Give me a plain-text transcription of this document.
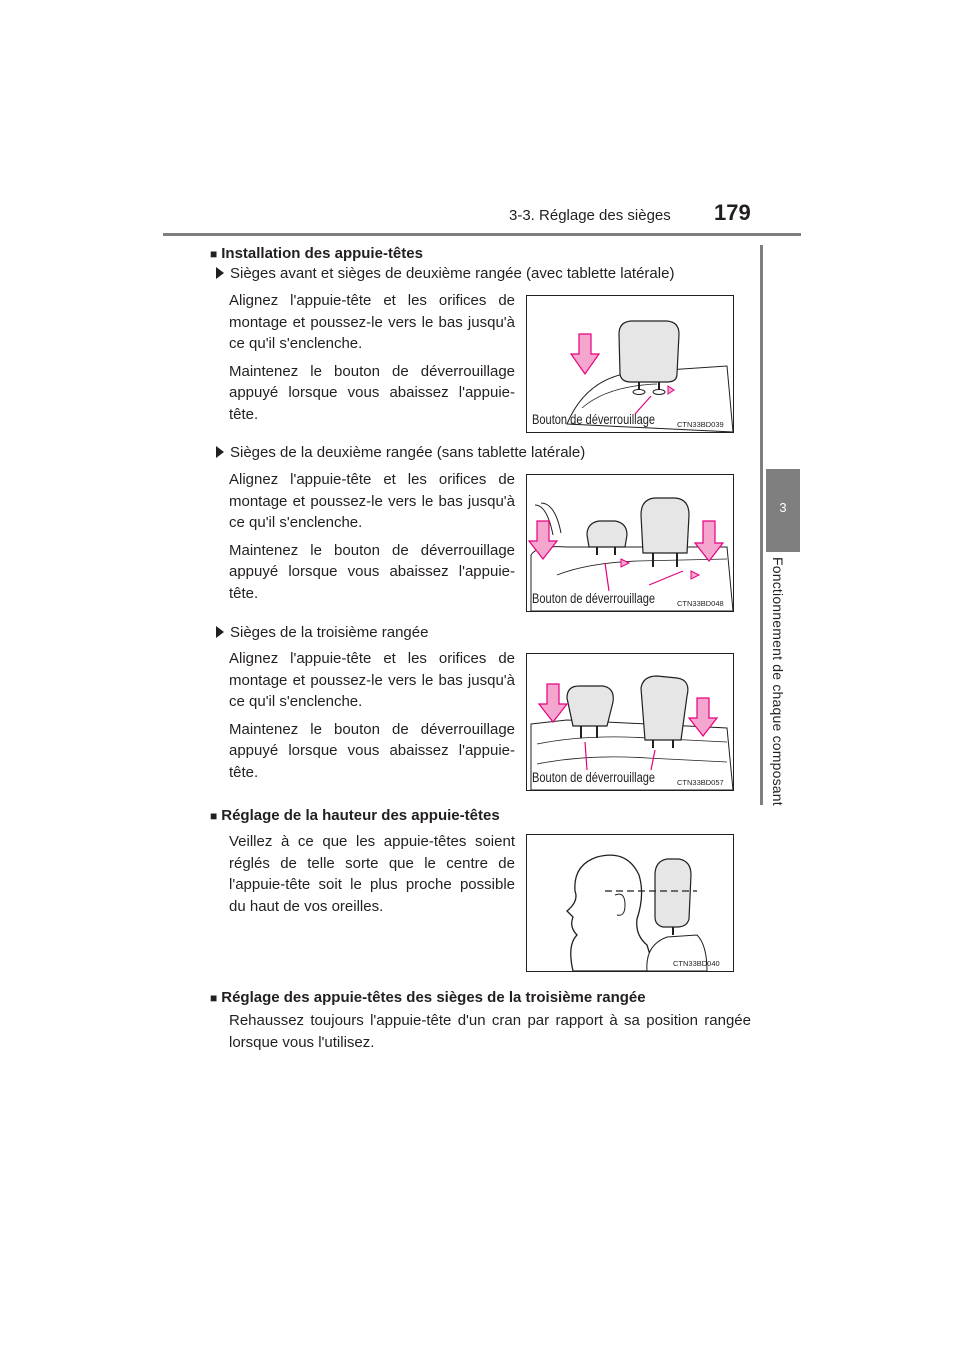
3-3. Réglage des sièges 179
3
Fonctionnement de chaque composant
■ Installation des appuie-têtes
Sièges avant et sièges de deuxième rangée (avec tablette latérale)

Alignez l'appuie-tête et les orifices de montage et poussez-le vers le bas jusqu'à ce qu'il s'enclenche.

Maintenez le bouton de déverrouillage appuyé lorsque vous abaissez l'appuie-tête.	Bouton de déverrouillage	CTN33BD039
Sièges de la deuxième rangée (sans tablette latérale)

Alignez l'appuie-tête et les orifices de montage et poussez-le vers le bas jusqu'à ce qu'il s'enclenche.

Maintenez le bouton de déverrouillage appuyé lorsque vous abaissez l'appuie-tête.	Bouton de déverrouillage	CTN33BD048
Sièges de la troisième rangée

Alignez l'appuie-tête et les orifices de montage et poussez-le vers le bas jusqu'à ce qu'il s'enclenche.

Maintenez le bouton de déverrouillage appuyé lorsque vous abaissez l'appuie-tête.	Bouton de déverrouillage	CTN33BD057
■ Réglage de la hauteur des appuie-têtes

Veillez à ce que les appuie-têtes soient réglés de telle sorte que le centre de l'appuie-tête soit le plus proche possible du haut de vos oreilles.

CTN33BD040
■ Réglage des appuie-têtes des sièges de la troisième rangée

Rehaussez toujours l'appuie-tête d'un cran par rapport à sa position rangée lorsque vous l'utilisez.
